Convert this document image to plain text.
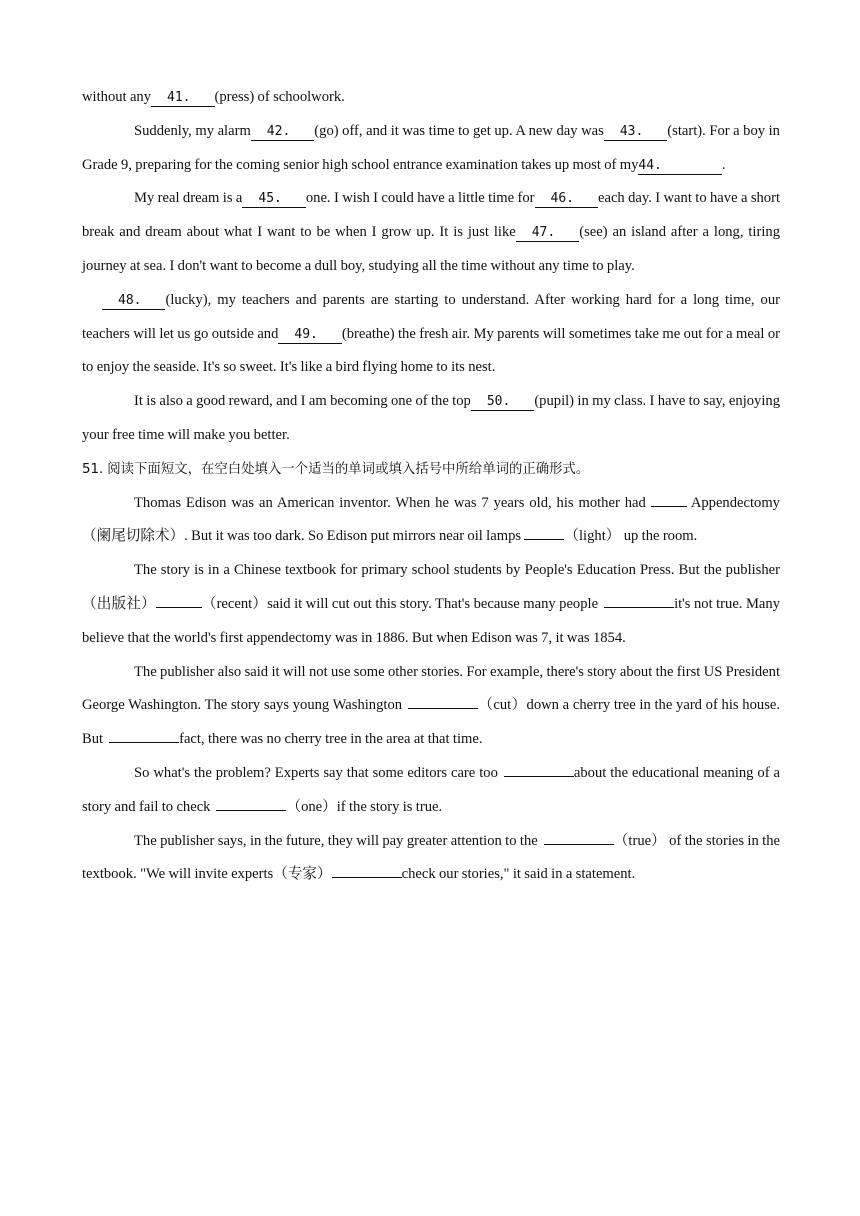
without any 41. (press) of schoolwork.

Suddenly, my alarm 42. (go) off, and it was time to get up. A new day was 43. (start). For a boy in Grade 9, preparing for the coming senior high school entrance examination takes up most of my44.	.

My real dream is a 45. one. I wish I could have a little time for 46. each day. I want to have a short break and dream about what I want to be when I grow up. It is just like 47. (see) an island after a long, tiring journey at sea. I don't want to become a dull boy, studying all the time without any time to play.

48. (lucky), my teachers and parents are starting to understand. After working hard for a long time, our teachers will let us go outside and 49. (breathe) the fresh air. My parents will sometimes take me out for a meal or to enjoy the seaside. It's so sweet. It's like a bird flying home to its nest.

It is also a good reward, and I am becoming one of the top 50. (pupil) in my class. I have to say, enjoying your free time will make you better.

51. 阅读下面短文，在空白处填入一个适当的单词或填入括号中所给单词的正确形式。

Thomas Edison was an American inventor. When he was 7 years old, his mother had	Appendectomy （阑尾切除术）. But it was too dark. So Edison put mirrors near oil lamps	（light） up the room.

The story is in a Chinese textbook for primary school students by People's Education Press. But the publisher（出版社）	（recent）said it will cut out this story. That's because many people	it's not true. Many believe that the world's first appendectomy was in 1886. But when Edison was 7, it was 1854.

The publisher also said it will not use some other stories. For example, there's story about the first US President George Washington. The story says young Washington	（cut）down a cherry tree in the yard of his house. But	fact, there was no cherry tree in the area at that time.

So what's the problem? Experts say that some editors care too	about the educational meaning of a story and fail to check	（one）if the story is true.

The publisher says, in the future, they will pay greater attention to the	（true） of the stories in the textbook. "We will invite experts（专家）	check our stories," it said in a statement.
